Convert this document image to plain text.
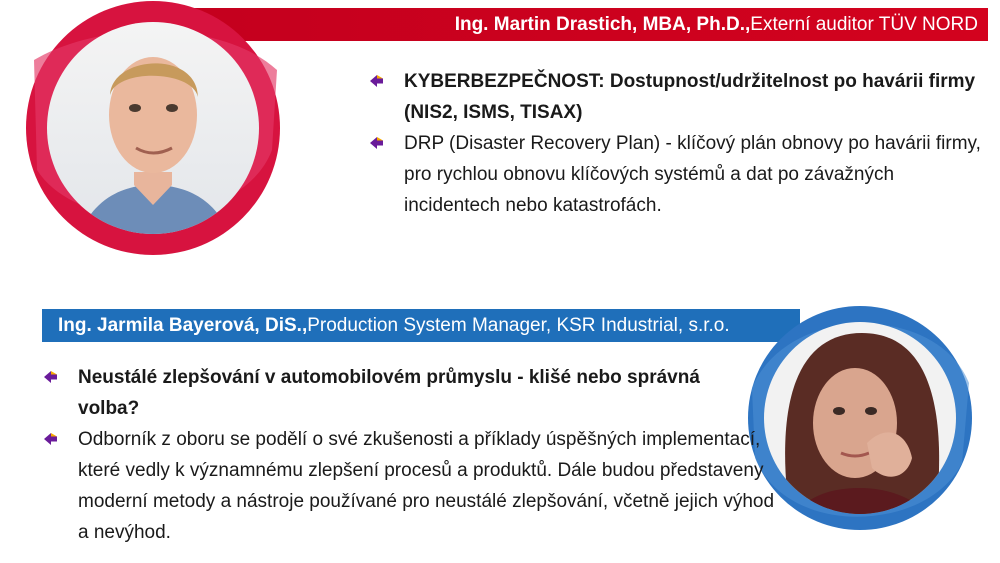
Ing. Martin Drastich, MBA, Ph.D., Externí auditor TÜV NORD
KYBERBEZPEČNOST: Dostupnost/udržitelnost po havárii firmy (NIS2, ISMS, TISAX)
DRP (Disaster Recovery Plan) - klíčový plán obnovy po havárii firmy, pro rychlou obnovu klíčových systémů a dat po závažných incidentech nebo katastrofách.
Ing. Jarmila Bayerová, DiS., Production System Manager, KSR Industrial, s.r.o.
Neustálé zlepšování v automobilovém průmyslu - klišé nebo správná volba?
Odborník z oboru se podělí o své zkušenosti a příklady úspěšných implementací, které vedly k významnému zlepšení procesů a produktů. Dále budou představeny moderní metody a nástroje používané pro neustálé zlepšování, včetně jejich výhod a nevýhod.
